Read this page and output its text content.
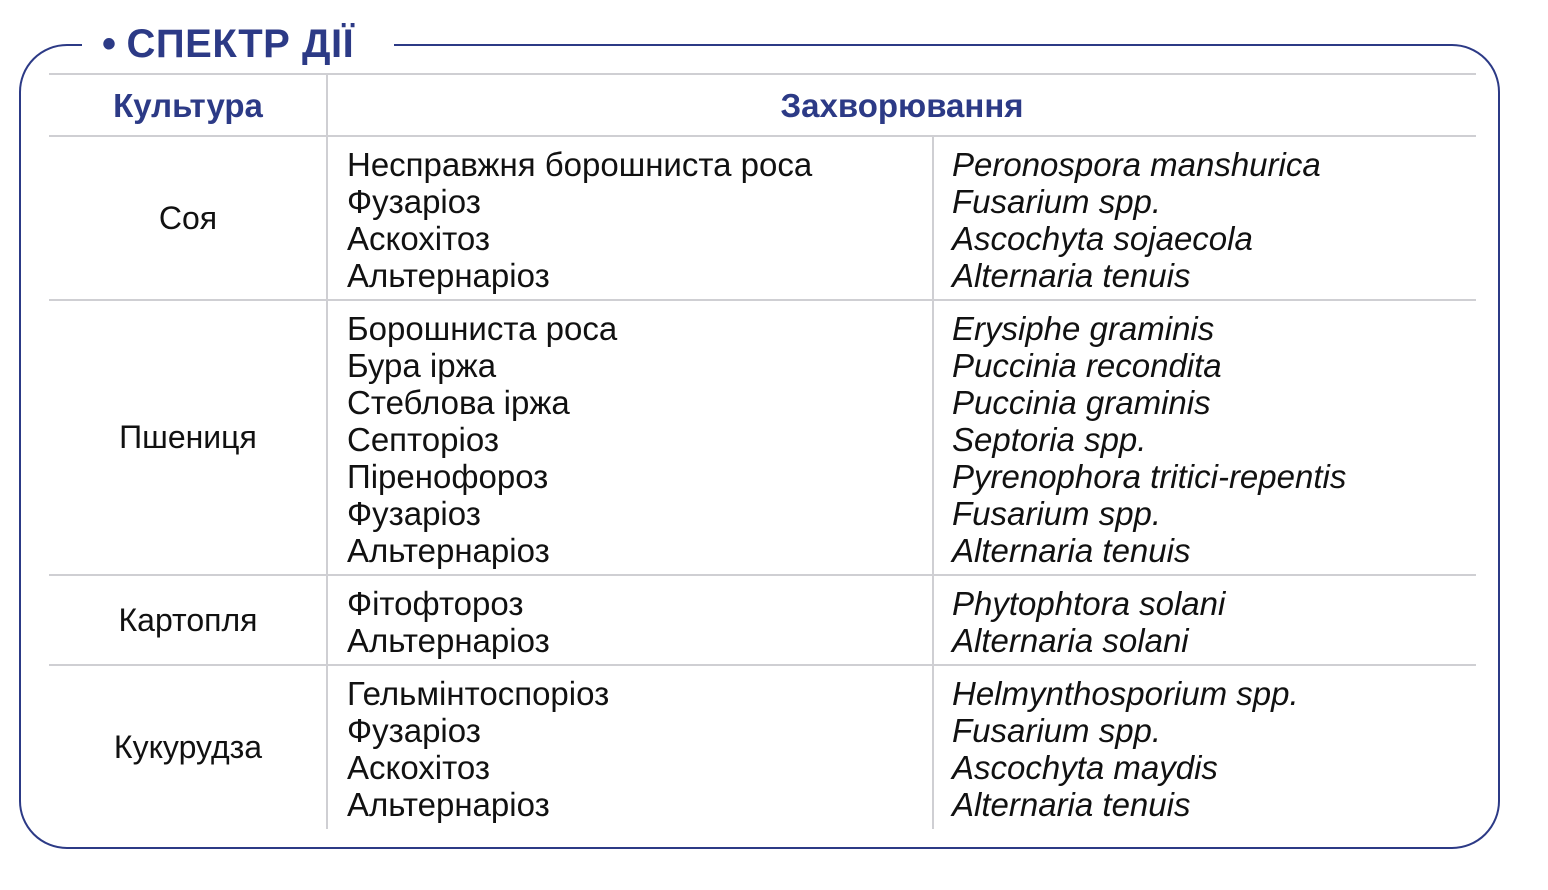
• СПЕКТР ДІЇ
Культура	Захворювання
Соя
Несправжня борошниста роса
Фузаріоз
Аскохітоз
Альтернаріоз
Peronospora manshurica
Fusarium spp.
Ascochyta sojaecola
Alternaria tenuis
Пшениця
Борошниста роса
Бура іржа
Стеблова іржа
Септоріоз
Піренофороз
Фузаріоз
Альтернаріоз
Erysiphe graminis
Puccinia recondita
Puccinia graminis
Septoria spp.
Pyrenophora tritici-repentis
Fusarium spp.
Alternaria tenuis
Картопля	Фітофтороз
Альтернаріоз
Phytophtora solani
Alternaria solani
Кукурудза
Гельмінтоспоріоз
Фузаріоз
Аскохітоз
Альтернаріоз
Helmynthosporium spp.
Fusarium spp.
Ascochyta maydis
Alternaria tenuis
